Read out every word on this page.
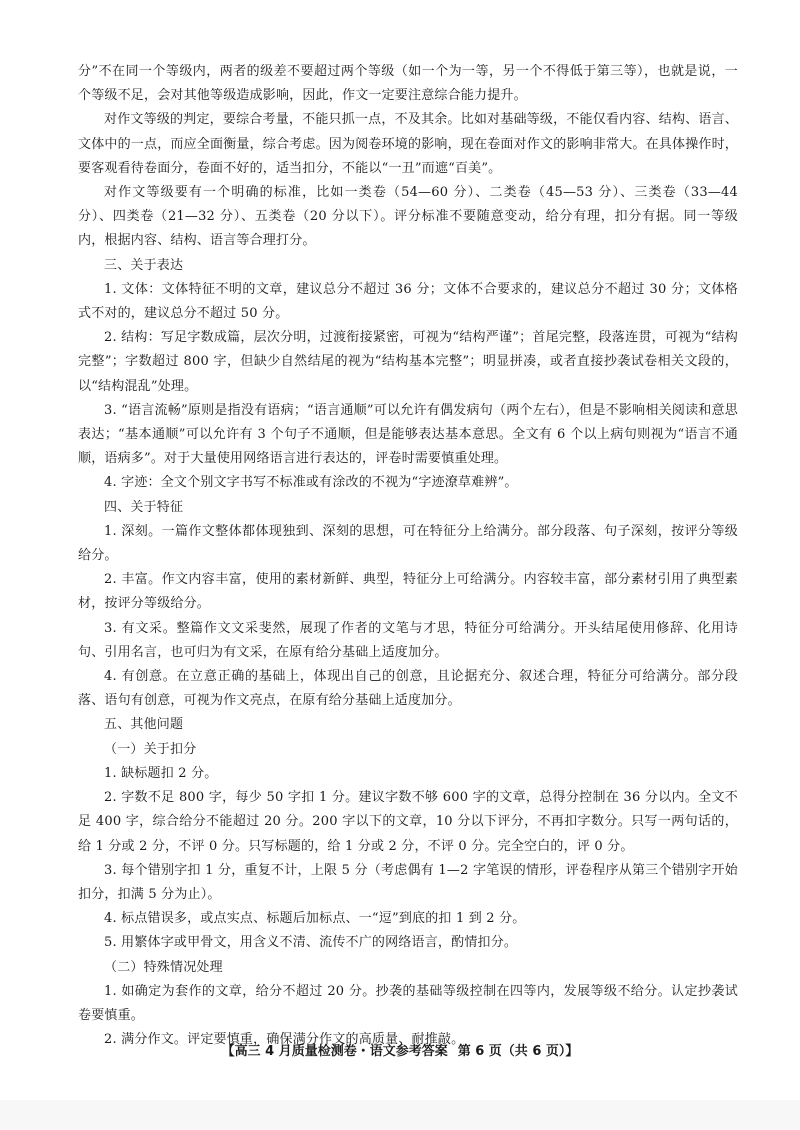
分”不在同一个等级内，两者的级差不要超过两个等级（如一个为一等，另一个不得低于第三等），也就是说，一个等级不足，会对其他等级造成影响，因此，作文一定要注意综合能力提升。

对作文等级的判定，要综合考量，不能只抓一点，不及其余。比如对基础等级，不能仅看内容、结构、语言、文体中的一点，而应全面衡量，综合考虑。因为阅卷环境的影响，现在卷面对作文的影响非常大。在具体操作时，要客观看待卷面分，卷面不好的，适当扣分，不能以“一丑”而遮“百美”。

对作文等级要有一个明确的标准，比如一类卷（54—60 分）、二类卷（45—53 分）、三类卷（33—44 分）、四类卷（21—32 分）、五类卷（20 分以下）。评分标准不要随意变动，给分有理，扣分有据。同一等级内，根据内容、结构、语言等合理打分。

三、关于表达

1. 文体：文体特征不明的文章，建议总分不超过 36 分；文体不合要求的，建议总分不超过 30 分；文体格式不对的，建议总分不超过 50 分。

2. 结构：写足字数成篇，层次分明，过渡衔接紧密，可视为“结构严谨”；首尾完整，段落连贯，可视为“结构完整”；字数超过 800 字，但缺少自然结尾的视为“结构基本完整”；明显拼凑，或者直接抄袭试卷相关文段的，以“结构混乱”处理。

3. “语言流畅”原则是指没有语病；“语言通顺”可以允许有偶发病句（两个左右），但是不影响相关阅读和意思表达；“基本通顺”可以允许有 3 个句子不通顺，但是能够表达基本意思。全文有 6 个以上病句则视为“语言不通顺，语病多”。对于大量使用网络语言进行表达的，评卷时需要慎重处理。

4. 字迹：全文个别文字书写不标准或有涂改的不视为“字迹潦草难辨”。

四、关于特征

1. 深刻。一篇作文整体都体现独到、深刻的思想，可在特征分上给满分。部分段落、句子深刻，按评分等级给分。

2. 丰富。作文内容丰富，使用的素材新鲜、典型，特征分上可给满分。内容较丰富，部分素材引用了典型素材，按评分等级给分。

3. 有文采。整篇作文文采斐然，展现了作者的文笔与才思，特征分可给满分。开头结尾使用修辞、化用诗句、引用名言，也可归为有文采，在原有给分基础上适度加分。

4. 有创意。在立意正确的基础上，体现出自己的创意，且论据充分、叙述合理，特征分可给满分。部分段落、语句有创意，可视为作文亮点，在原有给分基础上适度加分。

五、其他问题

（一）关于扣分

1. 缺标题扣 2 分。

2. 字数不足 800 字，每少 50 字扣 1 分。建议字数不够 600 字的文章，总得分控制在 36 分以内。全文不足 400 字，综合给分不能超过 20 分。200 字以下的文章，10 分以下评分，不再扣字数分。只写一两句话的，给 1 分或 2 分，不评 0 分。只写标题的，给 1 分或 2 分，不评 0 分。完全空白的，评 0 分。

3. 每个错别字扣 1 分，重复不计，上限 5 分（考虑偶有 1—2 字笔误的情形，评卷程序从第三个错别字开始扣分，扣满 5 分为止）。

4. 标点错误多，或点实点、标题后加标点、一“逗”到底的扣 1 到 2 分。

5. 用繁体字或甲骨文，用含义不清、流传不广的网络语言，酌情扣分。

（二）特殊情况处理

1. 如确定为套作的文章，给分不超过 20 分。抄袭的基础等级控制在四等内，发展等级不给分。认定抄袭试卷要慎重。

2. 满分作文。评定要慎重，确保满分作文的高质量、耐推敲。

【高三 4 月质量检测卷・语文参考答案 第 6 页（共 6 页）】
